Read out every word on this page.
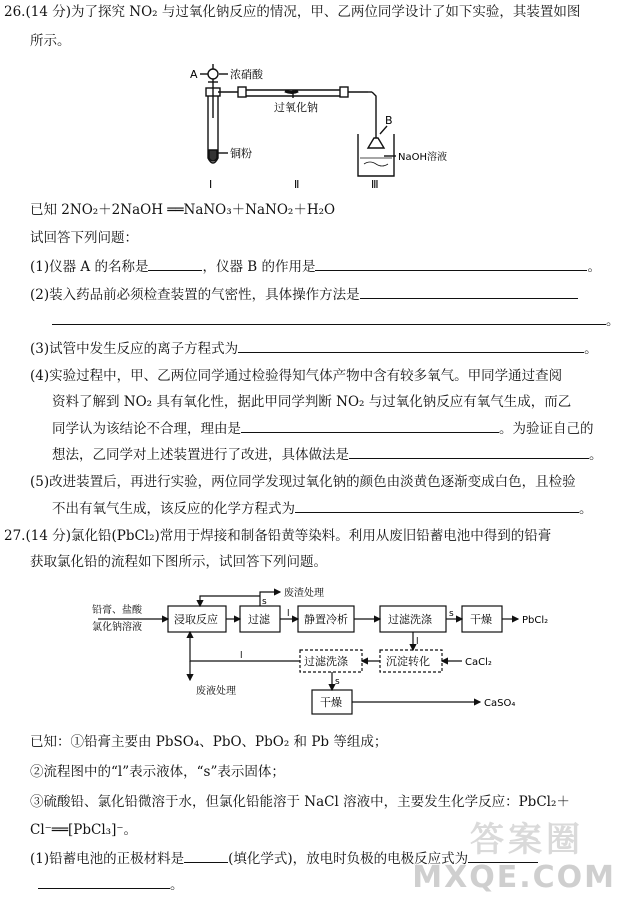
26.(14 分)为了探究 NO₂ 与过氧化钠反应的情况，甲、乙两位同学设计了如下实验，其装置如图
所示。
A	浓硝酸
过氧化钠
铜粉
B
NaOH溶液
Ⅰ	Ⅱ	Ⅲ
已知 2NO₂＋2NaOH ══NaNO₃＋NaNO₂＋H₂O
试回答下列问题：
(1)仪器 A 的名称是	，仪器 B 的作用是	。
(2)装入药品前必须检查装置的气密性，具体操作方法是
。
(3)试管中发生反应的离子方程式为	。
(4)实验过程中，甲、乙两位同学通过检验得知气体产物中含有较多氧气。甲同学通过查阅
资料了解到 NO₂ 具有氧化性，据此甲同学判断 NO₂ 与过氧化钠反应有氧气生成，而乙
同学认为该结论不合理，理由是	。为验证自己的
想法，乙同学对上述装置进行了改进，具体做法是	。
(5)改进装置后，再进行实验，两位同学发现过氧化钠的颜色由淡黄色逐渐变成白色，且检验
不出有氧气生成，该反应的化学方程式为	。
27.(14 分)氯化铅(PbCl₂)常用于焊接和制备铅黄等染料。利用从废旧铅蓄电池中得到的铅膏
获取氯化铅的流程如下图所示，试回答下列问题。
铅膏、盐酸
氯化钠溶液
浸取反应	过滤	静置冷析	过滤洗涤	干燥	PbCl₂
废渣处理
过滤洗涤	沉淀转化	CaCl₂
干燥	CaSO₄
废液处理
s
l	s
l
l
s
已知：①铅膏主要由 PbSO₄、PbO、PbO₂ 和 Pb 等组成；
②流程图中的“l”表示液体，“s”表示固体；
③硫酸铅、氯化铅微溶于水，但氯化铅能溶于 NaCl 溶液中，主要发生化学反应：PbCl₂＋
Cl⁻══[PbCl₃]⁻。
(1)铅蓄电池的正极材料是	(填化学式)，放电时负极的电极反应式为
。
答案圈
MXQE.COM
